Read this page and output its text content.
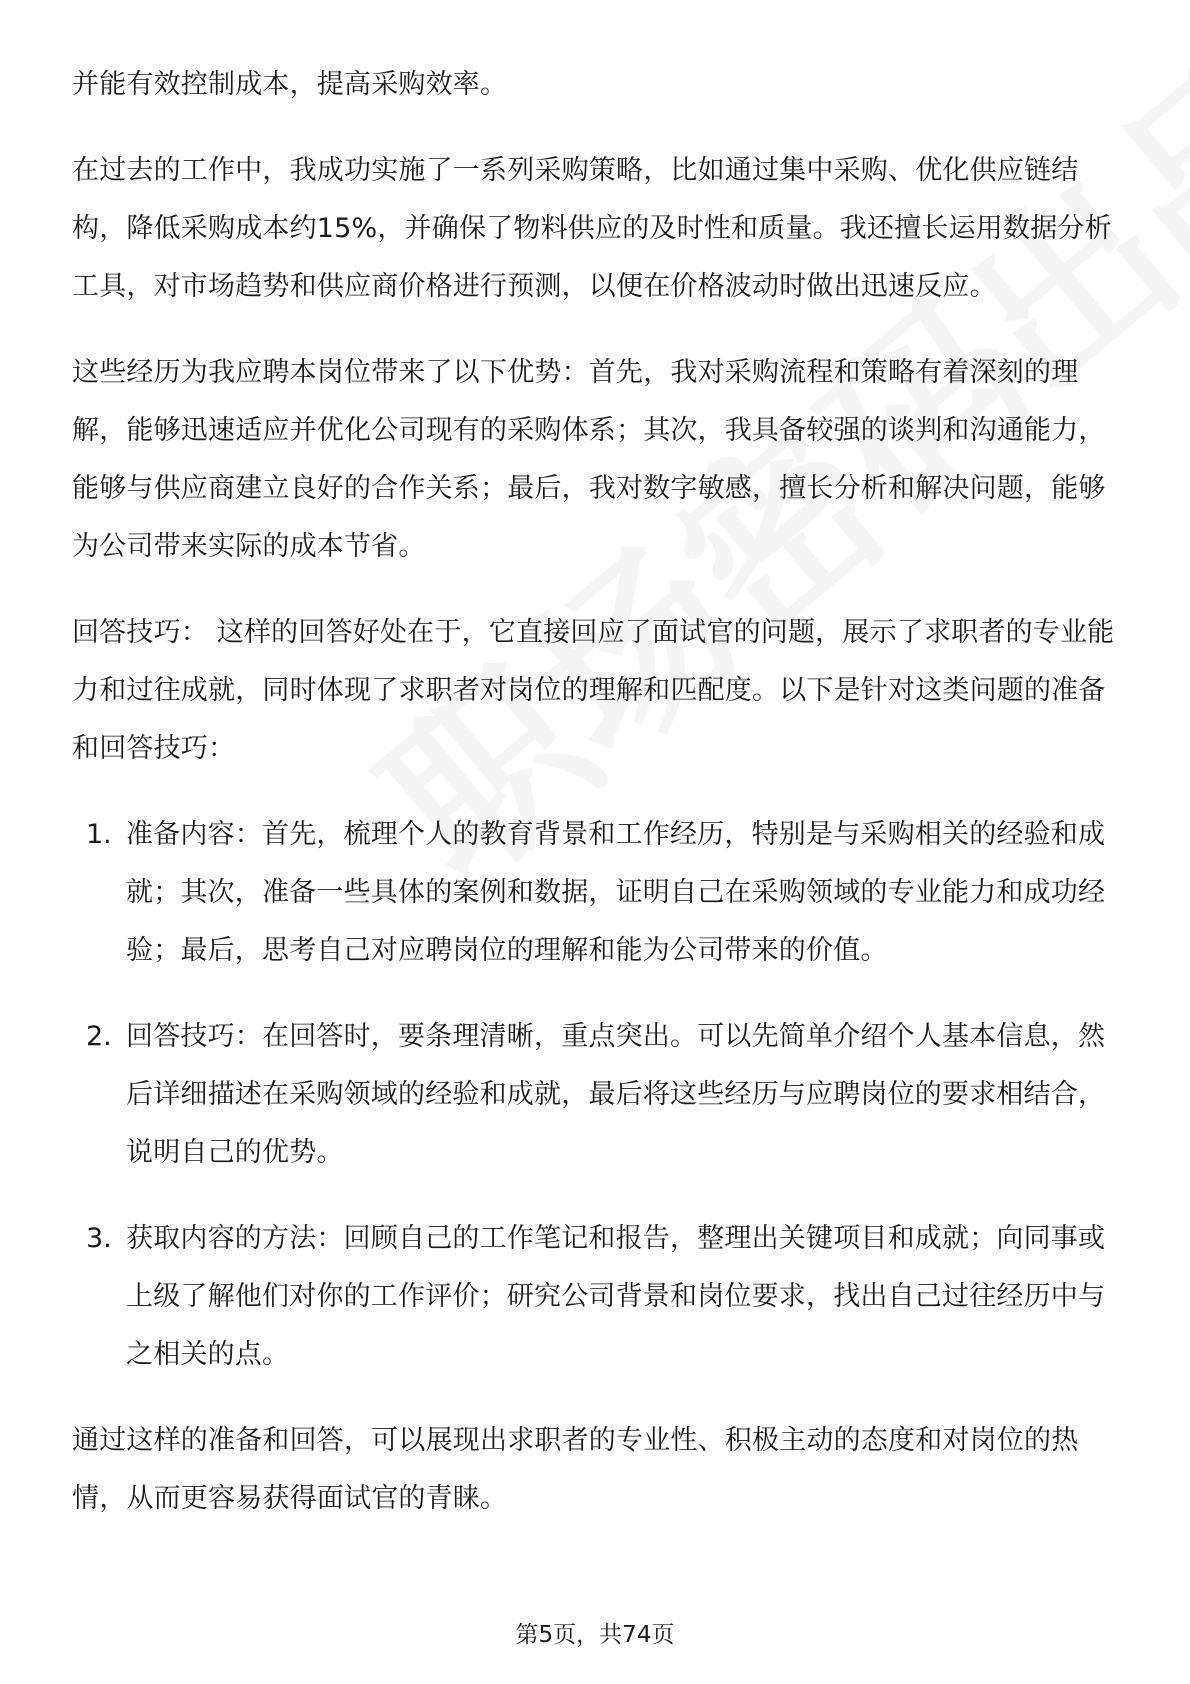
并能有效控制成本，提高采购效率。

在过去的工作中，我成功实施了一系列采购策略，比如通过集中采购、优化供应链结构，降低采购成本约15%，并确保了物料供应的及时性和质量。我还擅长运用数据分析工具，对市场趋势和供应商价格进行预测，以便在价格波动时做出迅速反应。

这些经历为我应聘本岗位带来了以下优势：首先，我对采购流程和策略有着深刻的理解，能够迅速适应并优化公司现有的采购体系；其次，我具备较强的谈判和沟通能力，能够与供应商建立良好的合作关系；最后，我对数字敏感，擅长分析和解决问题，能够为公司带来实际的成本节省。

回答技巧： 这样的回答好处在于，它直接回应了面试官的问题，展示了求职者的专业能力和过往成就，同时体现了求职者对岗位的理解和匹配度。以下是针对这类问题的准备和回答技巧：

1. 准备内容：首先，梳理个人的教育背景和工作经历，特别是与采购相关的经验和成就；其次，准备一些具体的案例和数据，证明自己在采购领域的专业能力和成功经验；最后，思考自己对应聘岗位的理解和能为公司带来的价值。

2. 回答技巧：在回答时，要条理清晰，重点突出。可以先简单介绍个人基本信息，然后详细描述在采购领域的经验和成就，最后将这些经历与应聘岗位的要求相结合，说明自己的优势。

3. 获取内容的方法：回顾自己的工作笔记和报告，整理出关键项目和成就；向同事或上级了解他们对你的工作评价；研究公司背景和岗位要求，找出自己过往经历中与之相关的点。

通过这样的准备和回答，可以展现出求职者的专业性、积极主动的态度和对岗位的热情，从而更容易获得面试官的青睐。

第5页，共74页
